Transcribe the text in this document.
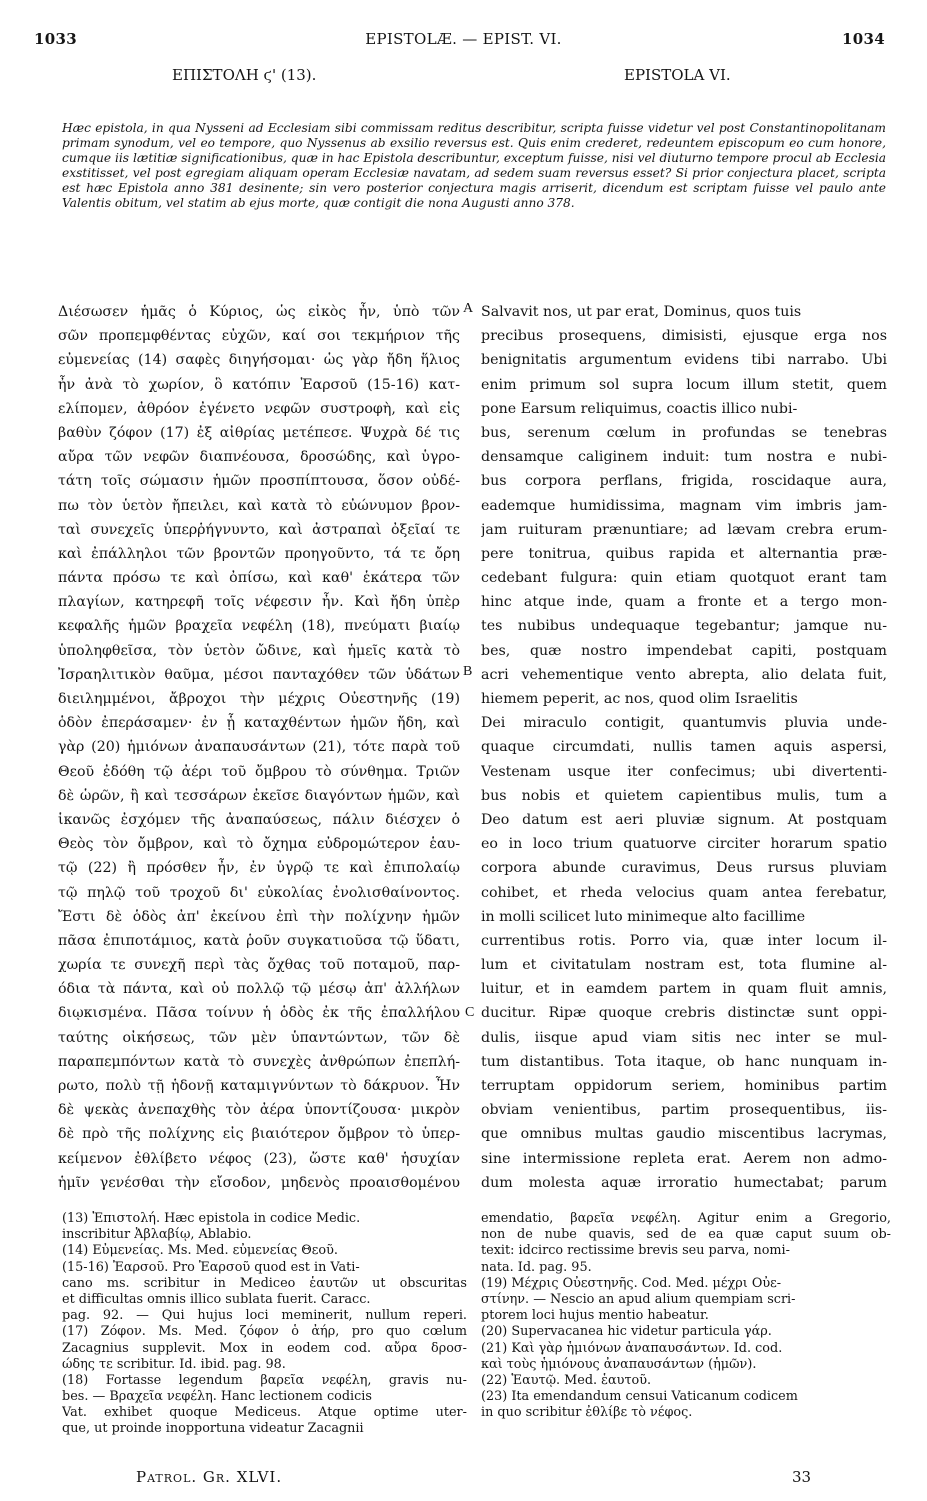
1033	EPISTOLÆ. — EPIST. VI.	1034
ΕΠΙΣΤΟΛΗ ϛ' (13).	EPISTOLA VI.

Hæc epistola, in qua Nysseni ad Ecclesiam sibi commissam reditus describitur, scripta fuisse videtur vel post Constantinopolitanam primam synodum, vel eo tempore, quo Nyssenus ab exsilio reversus est. Quis enim crederet, redeuntem episcopum eo cum honore, cumque iis lætitiæ significationibus, quæ in hac Epistola describuntur, exceptum fuisse, nisi vel diuturno tempore procul ab Ecclesia exstitisset, vel post egregiam aliquam operam Ecclesiæ navatam, ad sedem suam reversus esset? Si prior conjectura placet, scripta est hæc Epistola anno 381 desinente; sin vero posterior conjectura magis arriserit, dicendum est scriptam fuisse vel paulo ante Valentis obitum, vel statim ab ejus morte, quæ contigit die nona Augusti anno 378.

Διέσωσεν ἡμᾶς ὁ Κύριος, ὡς εἰκὸς ἦν, ὑπὸ τῶν
σῶν προπεμφθέντας εὐχῶν, καί σοι τεκμήριον τῆς
εὐμενείας (14) σαφὲς διηγήσομαι· ὡς γὰρ ἤδη ἥλιος
ἦν ἀνὰ τὸ χωρίον, ὃ κατόπιν Ἐαρσοῦ (15-16) κατ-
ελίπομεν, ἀθρόον ἐγένετο νεφῶν συστροφὴ, καὶ εἰς
βαθὺν ζόφον (17) ἐξ αἰθρίας μετέπεσε. Ψυχρὰ δέ τις
αὔρα τῶν νεφῶν διαπνέουσα, δροσώδης, καὶ ὑγρο-
τάτη τοῖς σώμασιν ἡμῶν προσπίπτουσα, ὅσον οὐδέ-
πω τὸν ὑετὸν ἤπειλει, καὶ κατὰ τὸ εὐώνυμον βρον-
ταὶ συνεχεῖς ὑπερῥήγνυντο, καὶ ἀστραπαὶ ὀξεῖαί τε
καὶ ἐπάλληλοι τῶν βροντῶν προηγοῦντο, τά τε ὄρη
πάντα πρόσω τε καὶ ὀπίσω, καὶ καθ' ἑκάτερα τῶν
πλαγίων, κατηρεφῆ τοῖς νέφεσιν ἦν. Καὶ ἤδη ὑπὲρ
κεφαλῆς ἡμῶν βραχεῖα νεφέλη (18), πνεύματι βιαίῳ
ὑποληφθεῖσα, τὸν ὑετὸν ὤδινε, καὶ ἡμεῖς κατὰ τὸ
Ἰσραηλιτικὸν θαῦμα, μέσοι πανταχόθεν τῶν ὑδάτων
διειλημμένοι, ἄβροχοι τὴν μέχρις Οὐεστηνῆς (19)
ὁδὸν ἐπεράσαμεν· ἐν ᾗ καταχθέντων ἡμῶν ἤδη, καὶ
γὰρ (20) ἡμιόνων ἀναπαυσάντων (21), τότε παρὰ τοῦ
Θεοῦ ἐδόθη τῷ ἀέρι τοῦ ὄμβρου τὸ σύνθημα. Τριῶν
δὲ ὡρῶν, ἢ καὶ τεσσάρων ἐκεῖσε διαγόντων ἡμῶν, καὶ
ἱκανῶς ἐσχόμεν τῆς ἀναπαύσεως, πάλιν διέσχεν ὁ
Θεὸς τὸν ὄμβρον, καὶ τὸ ὄχημα εὐδρομώτερον ἑαυ-
τῷ (22) ἢ πρόσθεν ἦν, ἐν ὑγρῷ τε καὶ ἐπιπολαίῳ
τῷ πηλῷ τοῦ τροχοῦ δι' εὐκολίας ἐνολισθαίνοντος.
Ἔστι δὲ ὁδὸς ἀπ' ἐκείνου ἐπὶ τὴν πολίχνην ἡμῶν
πᾶσα ἐπιποτάμιος, κατὰ ῥοῦν συγκατιοῦσα τῷ ὕδατι,
χωρία τε συνεχῆ περὶ τὰς ὄχθας τοῦ ποταμοῦ, παρ-
όδια τὰ πάντα, καὶ οὐ πολλῷ τῷ μέσῳ ἀπ' ἀλλήλων
διῳκισμένα. Πᾶσα τοίνυν ἡ ὁδὸς ἐκ τῆς ἐπαλλήλου
ταύτης οἰκήσεως, τῶν μὲν ὑπαντώντων, τῶν δὲ
παραπεμπόντων κατὰ τὸ συνεχὲς ἀνθρώπων ἐπεπλή-
ρωτο, πολὺ τῇ ἡδονῇ καταμιγνύντων τὸ δάκρυον. Ἦν
δὲ ψεκὰς ἀνεπαχθὴς τὸν ἀέρα ὑποντίζουσα· μικρὸν
δὲ πρὸ τῆς πολίχνης εἰς βιαιότερον ὄμβρον τὸ ὑπερ-
κείμενον ἐθλίβετο νέφος (23), ὥστε καθ' ἡσυχίαν
ἡμῖν γενέσθαι τὴν εἴσοδον, μηδενὸς προαισθομένου
Salvavit nos, ut par erat, Dominus, quos tuis
precibus prosequens, dimisisti, ejusque erga nos
benignitatis argumentum evidens tibi narrabo. Ubi
enim primum sol supra locum illum stetit, quem
pone Earsum reliquimus, coactis illico nubi-
bus, serenum cœlum in profundas se tenebras
densamque caliginem induit: tum nostra e nubi-
bus corpora perflans, frigida, roscidaque aura,
eademque humidissima, magnam vim imbris jam-
jam ruituram prænuntiare; ad lævam crebra erum-
pere tonitrua, quibus rapida et alternantia præ-
cedebant fulgura: quin etiam quotquot erant tam
hinc atque inde, quam a fronte et a tergo mon-
tes nubibus undequaque tegebantur; jamque nu-
bes, quæ nostro impendebat capiti, postquam
acri vehementique vento abrepta, alio delata fuit,
hiemem peperit, ac nos, quod olim Israelitis
Dei miraculo contigit, quantumvis pluvia unde-
quaque circumdati, nullis tamen aquis aspersi,
Vestenam usque iter confecimus; ubi divertenti-
bus nobis et quietem capientibus mulis, tum a
Deo datum est aeri pluviæ signum. At postquam
eo in loco trium quatuorve circiter horarum spatio
corpora abunde curavimus, Deus rursus pluviam
cohibet, et rheda velocius quam antea ferebatur,
in molli scilicet luto minimeque alto facillime
currentibus rotis. Porro via, quæ inter locum il-
lum et civitatulam nostram est, tota flumine al-
luitur, et in eamdem partem in quam fluit amnis,
ducitur. Ripæ quoque crebris distinctæ sunt oppi-
dulis, iisque apud viam sitis nec inter se mul-
tum distantibus. Tota itaque, ob hanc nunquam in-
terruptam oppidorum seriem, hominibus partim
obviam venientibus, partim prosequentibus, iis-
que omnibus multas gaudio miscentibus lacrymas,
sine intermissione repleta erat. Aerem non admo-
dum molesta aquæ irroratio humectabat; parum
A
B
C
(13) Ἐπιστολή. Hæc epistola in codice Medic.
inscribitur Ἀβλαβίῳ, Ablabio.
(14) Εὐμενείας. Ms. Med. εὐμενείας Θεοῦ.
(15-16) Ἐαρσοῦ. Pro Ἐαρσοῦ quod est in Vati-
cano ms. scribitur in Mediceo ἑαυτῶν ut obscuritas
et difficultas omnis illico sublata fuerit. Caracc.
pag. 92. — Qui hujus loci meminerit, nullum reperi.
(17) Ζόφον. Ms. Med. ζόφον ὁ ἀήρ, pro quo cœlum
Zacagnius supplevit. Mox in eodem cod. αὔρα δροσ-
ώδης τε scribitur. Id. ibid. pag. 98.
(18) Fortasse legendum βαρεῖα νεφέλη, gravis nu-
bes. — Βραχεῖα νεφέλη. Hanc lectionem codicis
Vat. exhibet quoque Mediceus. Atque optime uter-
que, ut proinde inopportuna videatur Zacagnii
emendatio, βαρεῖα νεφέλη. Agitur enim a Gregorio,
non de nube quavis, sed de ea quæ caput suum ob-
texit: idcirco rectissime brevis seu parva, nomi-
nata. Id. pag. 95.
(19) Μέχρις Οὐεστηνῆς. Cod. Med. μέχρι Οὐε-
στίνην. — Nescio an apud alium quempiam scri-
ptorem loci hujus mentio habeatur.
(20) Supervacanea hic videtur particula γάρ.
(21) Καὶ γὰρ ἡμιόνων ἀναπαυσάντων. Id. cod.
καὶ τοὺς ἡμιόνους ἀναπαυσάντων (ἡμῶν).
(22) Ἑαυτῷ. Med. ἑαυτοῦ.
(23) Ita emendandum censui Vaticanum codicem
in quo scribitur ἐθλίβε τὸ νέφος.
Patrol. Gr. XLVI.	33
